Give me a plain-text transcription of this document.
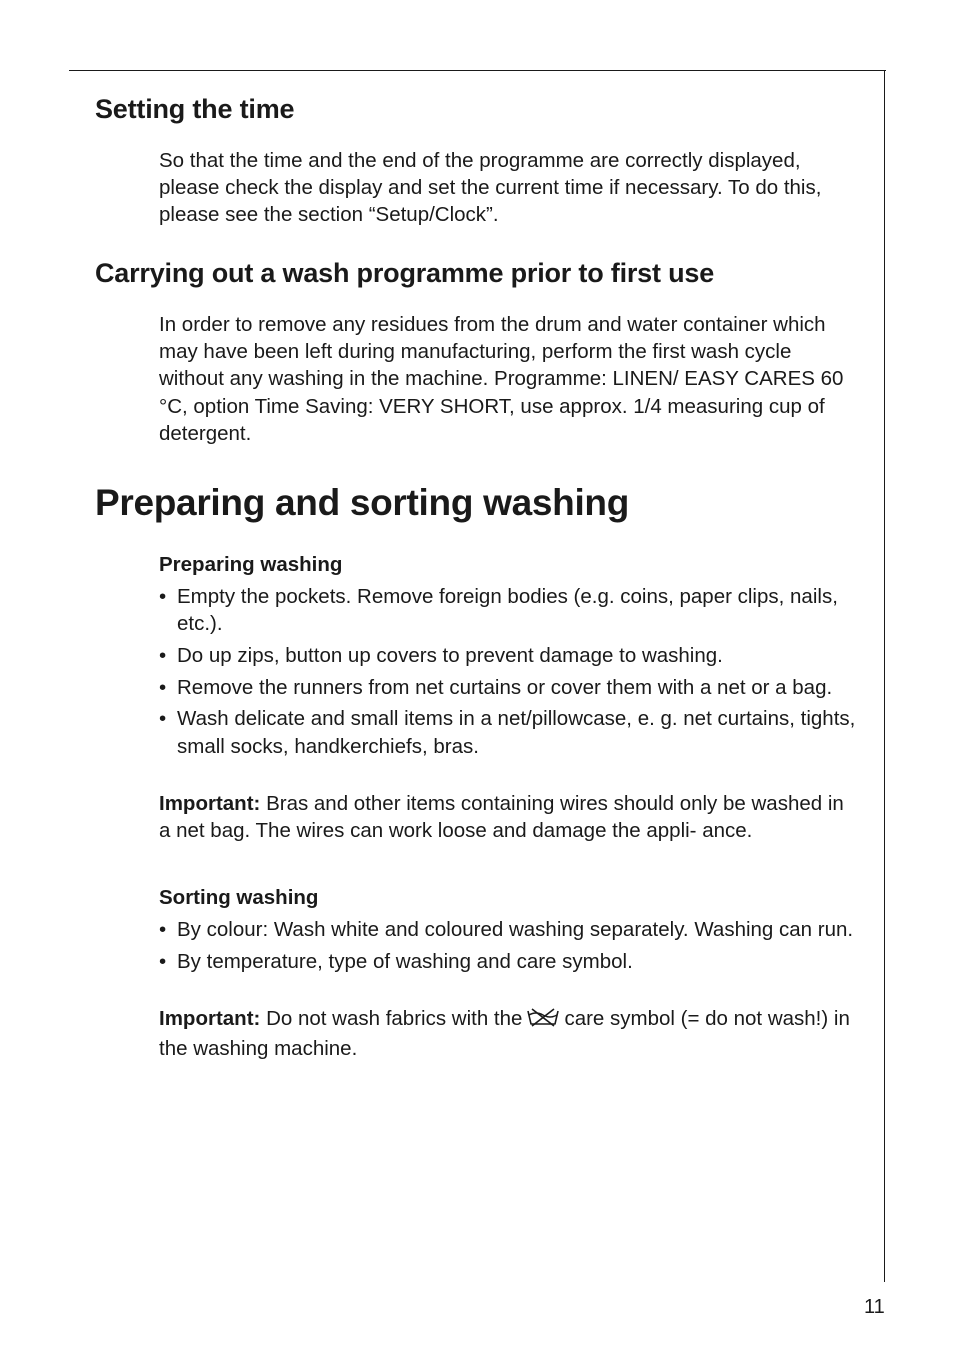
Setting the time

So that the time and the end of the programme are correctly displayed, please check the display and set the current time if necessary. To do this, please see the section “Setup/Clock”.

Carrying out a wash programme prior to first use

In order to remove any residues from the drum and water container which may have been left during manufacturing, perform the first wash cycle without any washing in the machine. Programme: LINEN/ EASY CARES 60 °C, option Time Saving: VERY SHORT, use approx. 1/4 measuring cup of detergent.

Preparing and sorting washing
Preparing washing
• Empty the pockets. Remove foreign bodies (e.g. coins, paper clips, nails, etc.).
• Do up zips, button up covers to prevent damage to washing.
• Remove the runners from net curtains or cover them with a net or a bag.
• Wash delicate and small items in a net/pillowcase, e. g. net curtains, tights, small socks, handkerchiefs, bras.

Important: Bras and other items containing wires should only be washed in a net bag. The wires can work loose and damage the appli- ance.

Sorting washing
• By colour: Wash white and coloured washing separately. Washing can run.
• By temperature, type of washing and care symbol.

Important: Do not wash fabrics with the care symbol (= do not wash!) in the washing machine.

11
